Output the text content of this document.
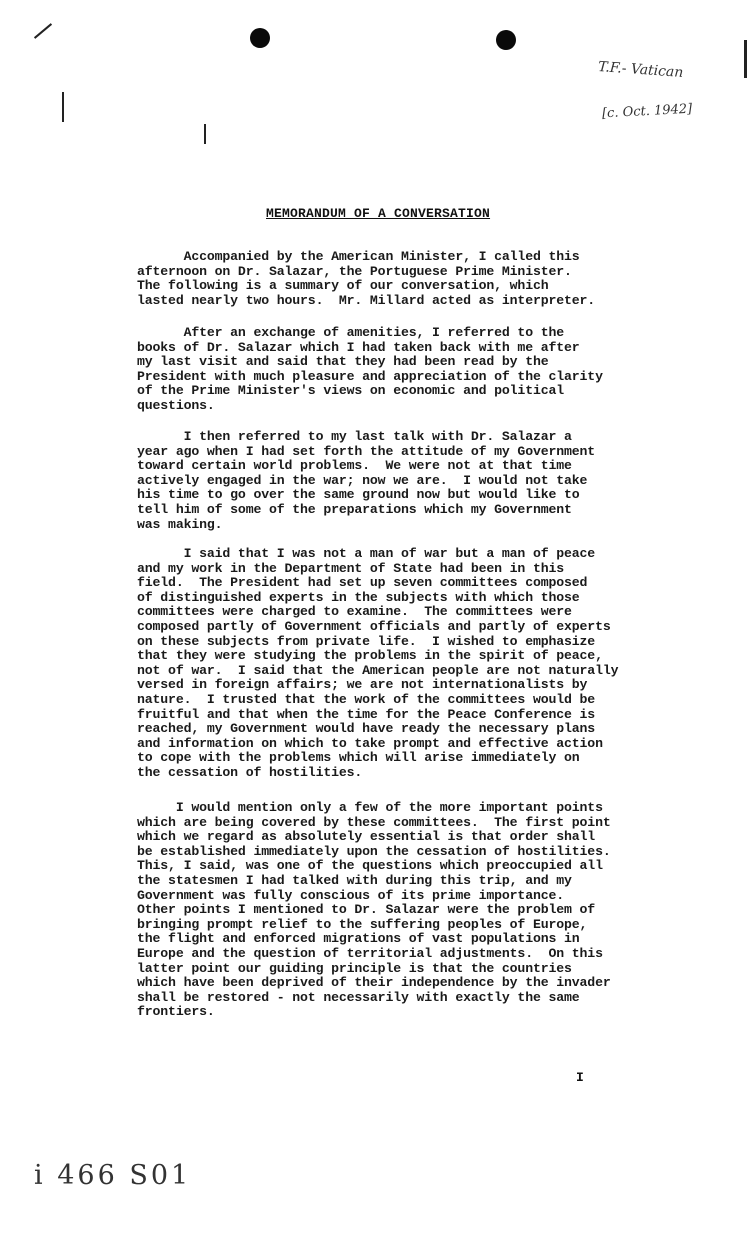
T.F.- Vatican
[c. Oct. 1942]
i 466 S01
MEMORANDUM OF A CONVERSATION

Accompanied by the American Minister, I called this
afternoon on Dr. Salazar, the Portuguese Prime Minister.
The following is a summary of our conversation, which
lasted nearly two hours.  Mr. Millard acted as interpreter.

After an exchange of amenities, I referred to the
books of Dr. Salazar which I had taken back with me after
my last visit and said that they had been read by the
President with much pleasure and appreciation of the clarity
of the Prime Minister's views on economic and political
questions.

I then referred to my last talk with Dr. Salazar a
year ago when I had set forth the attitude of my Government
toward certain world problems.  We were not at that time
actively engaged in the war; now we are.  I would not take
his time to go over the same ground now but would like to
tell him of some of the preparations which my Government
was making.

I said that I was not a man of war but a man of peace
and my work in the Department of State had been in this
field.  The President had set up seven committees composed
of distinguished experts in the subjects with which those
committees were charged to examine.  The committees were
composed partly of Government officials and partly of experts
on these subjects from private life.  I wished to emphasize
that they were studying the problems in the spirit of peace,
not of war.  I said that the American people are not naturally
versed in foreign affairs; we are not internationalists by
nature.  I trusted that the work of the committees would be
fruitful and that when the time for the Peace Conference is
reached, my Government would have ready the necessary plans
and information on which to take prompt and effective action
to cope with the problems which will arise immediately on
the cessation of hostilities.

I would mention only a few of the more important points
which are being covered by these committees.  The first point
which we regard as absolutely essential is that order shall
be established immediately upon the cessation of hostilities.
This, I said, was one of the questions which preoccupied all
the statesmen I had talked with during this trip, and my
Government was fully conscious of its prime importance.
Other points I mentioned to Dr. Salazar were the problem of
bringing prompt relief to the suffering peoples of Europe,
the flight and enforced migrations of vast populations in
Europe and the question of territorial adjustments.  On this
latter point our guiding principle is that the countries
which have been deprived of their independence by the invader
shall be restored - not necessarily with exactly the same
frontiers.

I
